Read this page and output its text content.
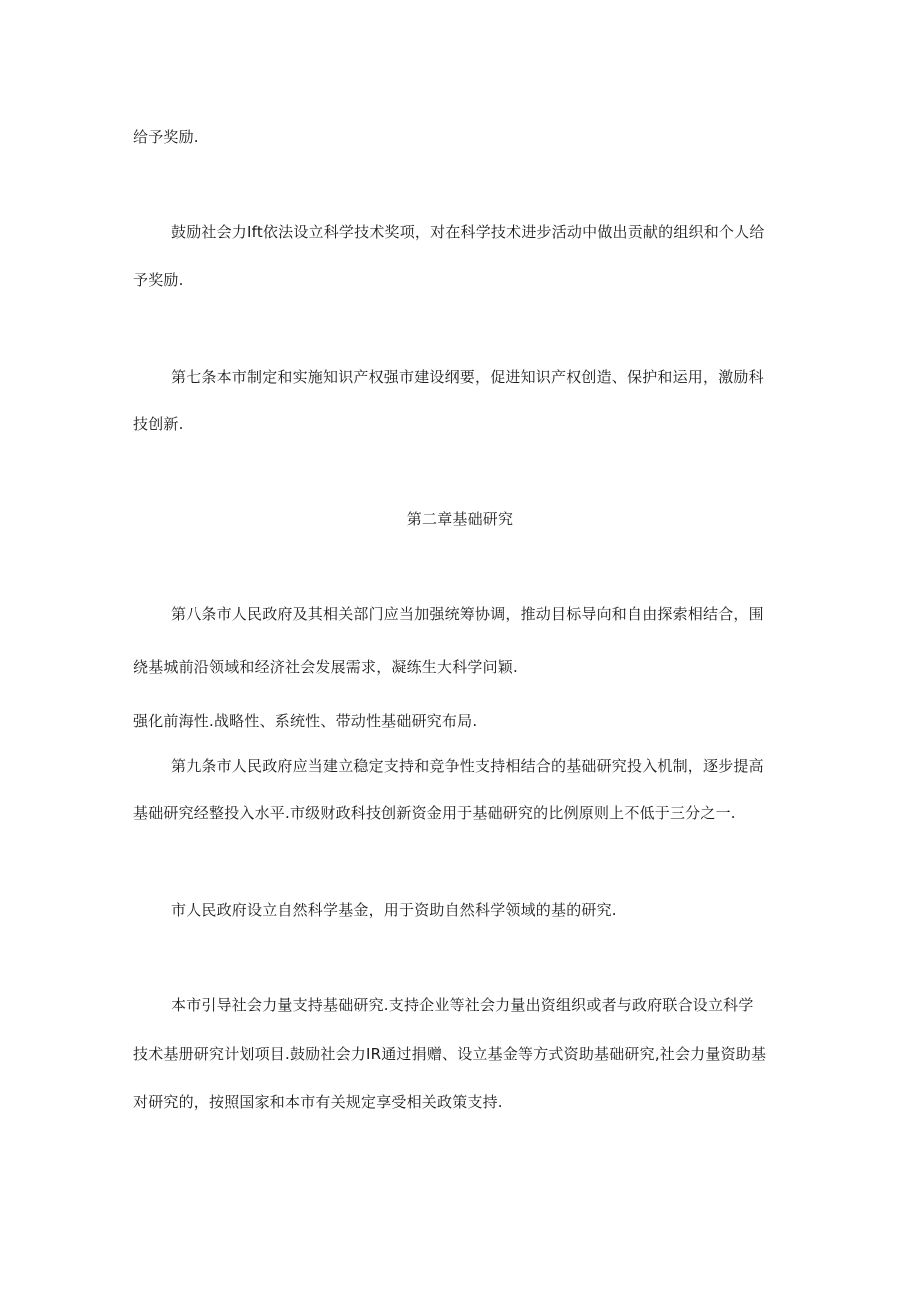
给予奖励.
鼓励社会力Ift依法设立科学技术奖项，对在科学技术进步活动中做出贡献的组织和个人给
予奖励.
第七条本市制定和实施知识产权强市建设纲要，促进知识产权创造、保护和运用，激励科
技创新.
第二章基础研究
第八条市人民政府及其相关部门应当加强统筹协调，推动目标导向和自由探索相结合，围
绕基城前沿领域和经济社会发展需求，凝练生大科学问颖.
强化前海性.战略性、系统性、带动性基础研究布局.
第九条市人民政府应当建立稳定支持和竞争性支持相结合的基础研究投入机制，逐步提高
基础研究经整投入水平.市级财政科技创新资金用于基础研究的比例原则上不低于三分之一.
市人民政府设立自然科学基金，用于资助自然科学领域的基的研究.
本市引导社会力量支持基础研究.支持企业等社会力量出资组织或者与政府联合设立科学
技术基册研究计划项目.鼓励社会力IR通过捐赠、设立基金等方式资助基础研究,社会力量资助基
对研究的，按照国家和本市有关规定享受相关政策支持.
